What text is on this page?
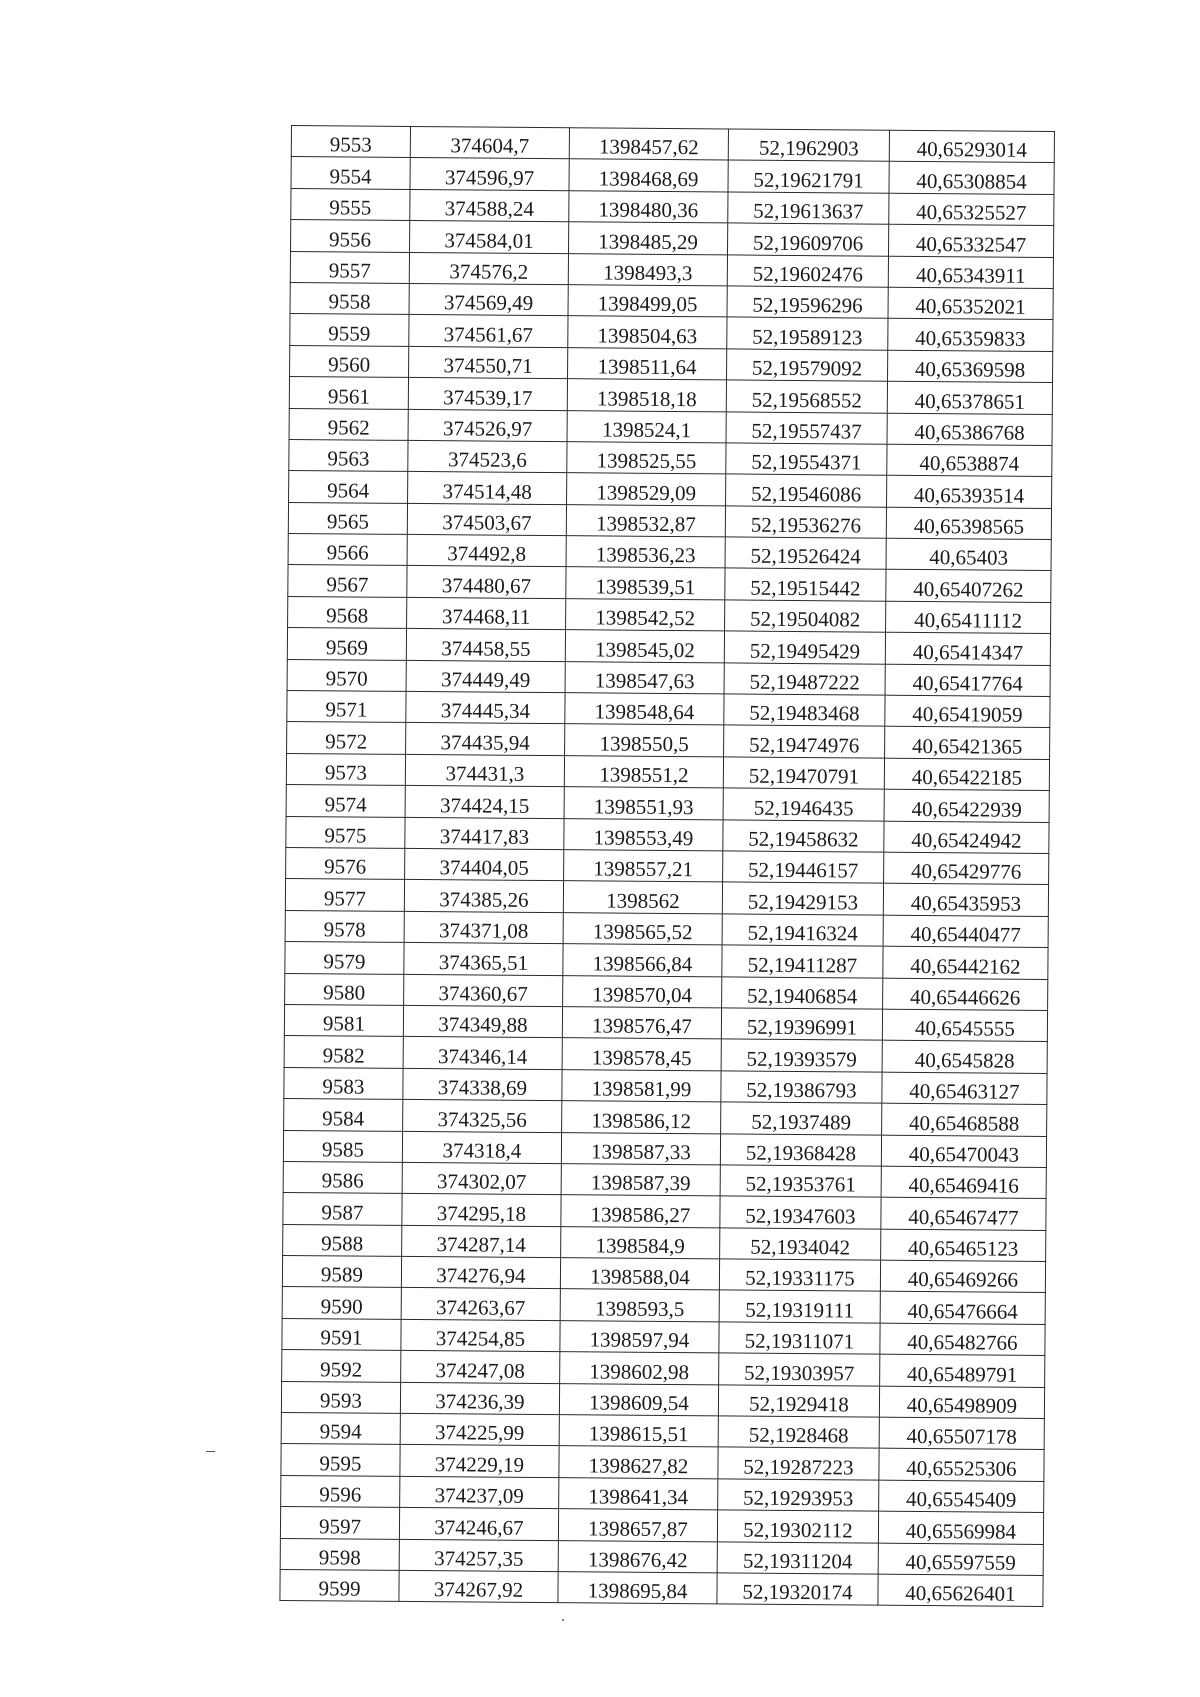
9553	374604,7	1398457,62	52,1962903	40,65293014
9554	374596,97	1398468,69	52,19621791	40,65308854
9555	374588,24	1398480,36	52,19613637	40,65325527
9556	374584,01	1398485,29	52,19609706	40,65332547
9557	374576,2	1398493,3	52,19602476	40,65343911
9558	374569,49	1398499,05	52,19596296	40,65352021
9559	374561,67	1398504,63	52,19589123	40,65359833
9560	374550,71	1398511,64	52,19579092	40,65369598
9561	374539,17	1398518,18	52,19568552	40,65378651
9562	374526,97	1398524,1	52,19557437	40,65386768
9563	374523,6	1398525,55	52,19554371	40,6538874
9564	374514,48	1398529,09	52,19546086	40,65393514
9565	374503,67	1398532,87	52,19536276	40,65398565
9566	374492,8	1398536,23	52,19526424	40,65403
9567	374480,67	1398539,51	52,19515442	40,65407262
9568	374468,11	1398542,52	52,19504082	40,65411112
9569	374458,55	1398545,02	52,19495429	40,65414347
9570	374449,49	1398547,63	52,19487222	40,65417764
9571	374445,34	1398548,64	52,19483468	40,65419059
9572	374435,94	1398550,5	52,19474976	40,65421365
9573	374431,3	1398551,2	52,19470791	40,65422185
9574	374424,15	1398551,93	52,1946435	40,65422939
9575	374417,83	1398553,49	52,19458632	40,65424942
9576	374404,05	1398557,21	52,19446157	40,65429776
9577	374385,26	1398562	52,19429153	40,65435953
9578	374371,08	1398565,52	52,19416324	40,65440477
9579	374365,51	1398566,84	52,19411287	40,65442162
9580	374360,67	1398570,04	52,19406854	40,65446626
9581	374349,88	1398576,47	52,19396991	40,6545555
9582	374346,14	1398578,45	52,19393579	40,6545828
9583	374338,69	1398581,99	52,19386793	40,65463127
9584	374325,56	1398586,12	52,1937489	40,65468588
9585	374318,4	1398587,33	52,19368428	40,65470043
9586	374302,07	1398587,39	52,19353761	40,65469416
9587	374295,18	1398586,27	52,19347603	40,65467477
9588	374287,14	1398584,9	52,1934042	40,65465123
9589	374276,94	1398588,04	52,19331175	40,65469266
9590	374263,67	1398593,5	52,19319111	40,65476664
9591	374254,85	1398597,94	52,19311071	40,65482766
9592	374247,08	1398602,98	52,19303957	40,65489791
9593	374236,39	1398609,54	52,1929418	40,65498909
9594	374225,99	1398615,51	52,1928468	40,65507178
9595	374229,19	1398627,82	52,19287223	40,65525306
9596	374237,09	1398641,34	52,19293953	40,65545409
9597	374246,67	1398657,87	52,19302112	40,65569984
9598	374257,35	1398676,42	52,19311204	40,65597559
9599	374267,92	1398695,84	52,19320174	40,65626401
